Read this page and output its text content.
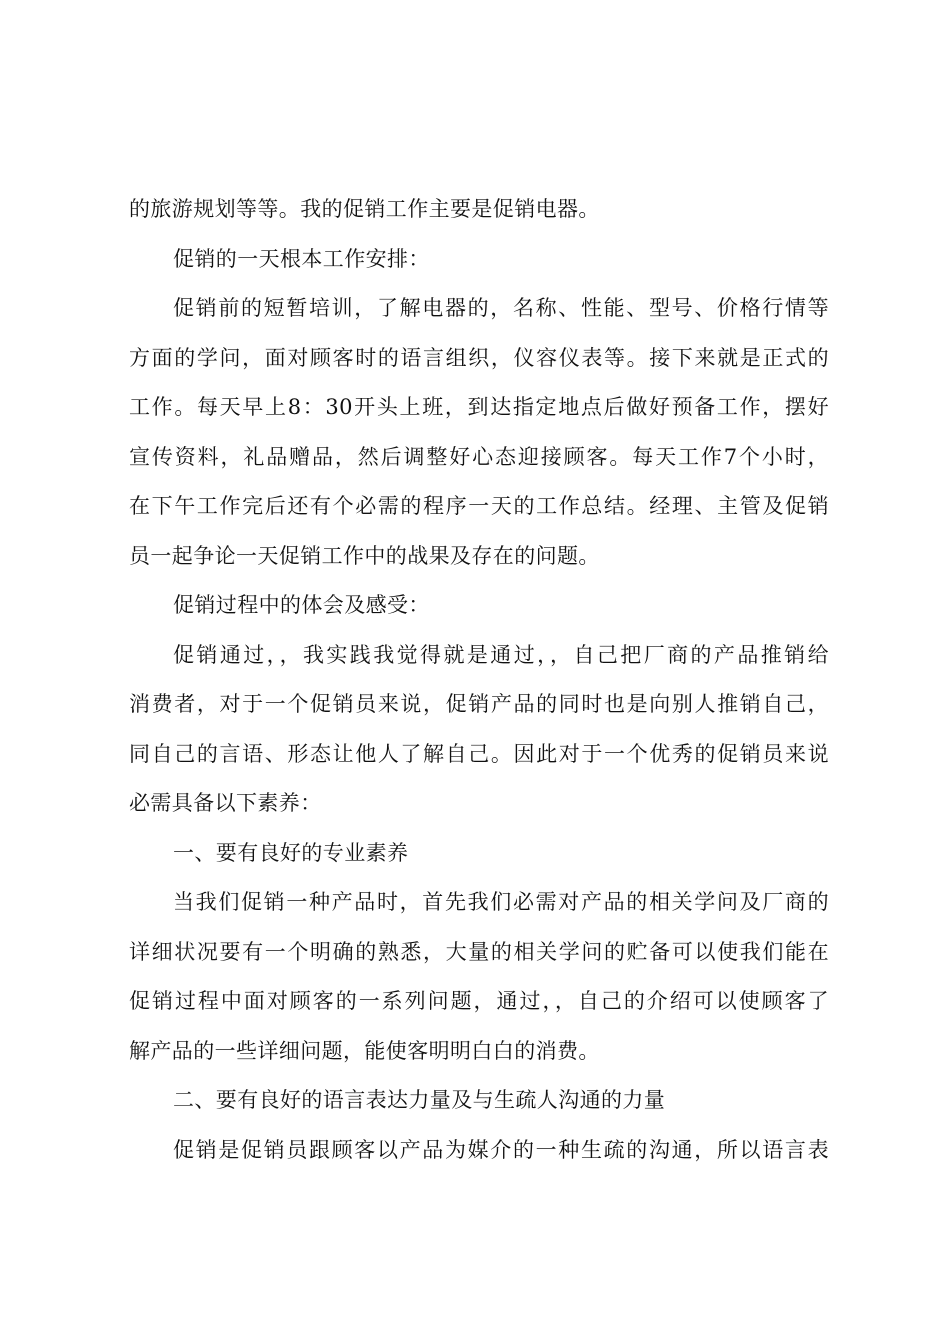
的旅游规划等等。我的促销工作主要是促销电器。
促销的一天根本工作安排：
促销前的短暂培训，了解电器的，名称、性能、型号、价格行情等
方面的学问，面对顾客时的语言组织，仪容仪表等。接下来就是正式的
工作。每天早上8：30开头上班，到达指定地点后做好预备工作，摆好
宣传资料，礼品赠品，然后调整好心态迎接顾客。每天工作7个小时，
在下午工作完后还有个必需的程序一天的工作总结。经理、主管及促销
员一起争论一天促销工作中的战果及存在的问题。
促销过程中的体会及感受：
促销通过，，我实践我觉得就是通过，，自己把厂商的产品推销给
消费者，对于一个促销员来说，促销产品的同时也是向别人推销自己，
同自己的言语、形态让他人了解自己。因此对于一个优秀的促销员来说
必需具备以下素养：
一、要有良好的专业素养
当我们促销一种产品时，首先我们必需对产品的相关学问及厂商的
详细状况要有一个明确的熟悉，大量的相关学问的贮备可以使我们能在
促销过程中面对顾客的一系列问题，通过，，自己的介绍可以使顾客了
解产品的一些详细问题，能使客明明白白的消费。
二、要有良好的语言表达力量及与生疏人沟通的力量
促销是促销员跟顾客以产品为媒介的一种生疏的沟通，所以语言表
